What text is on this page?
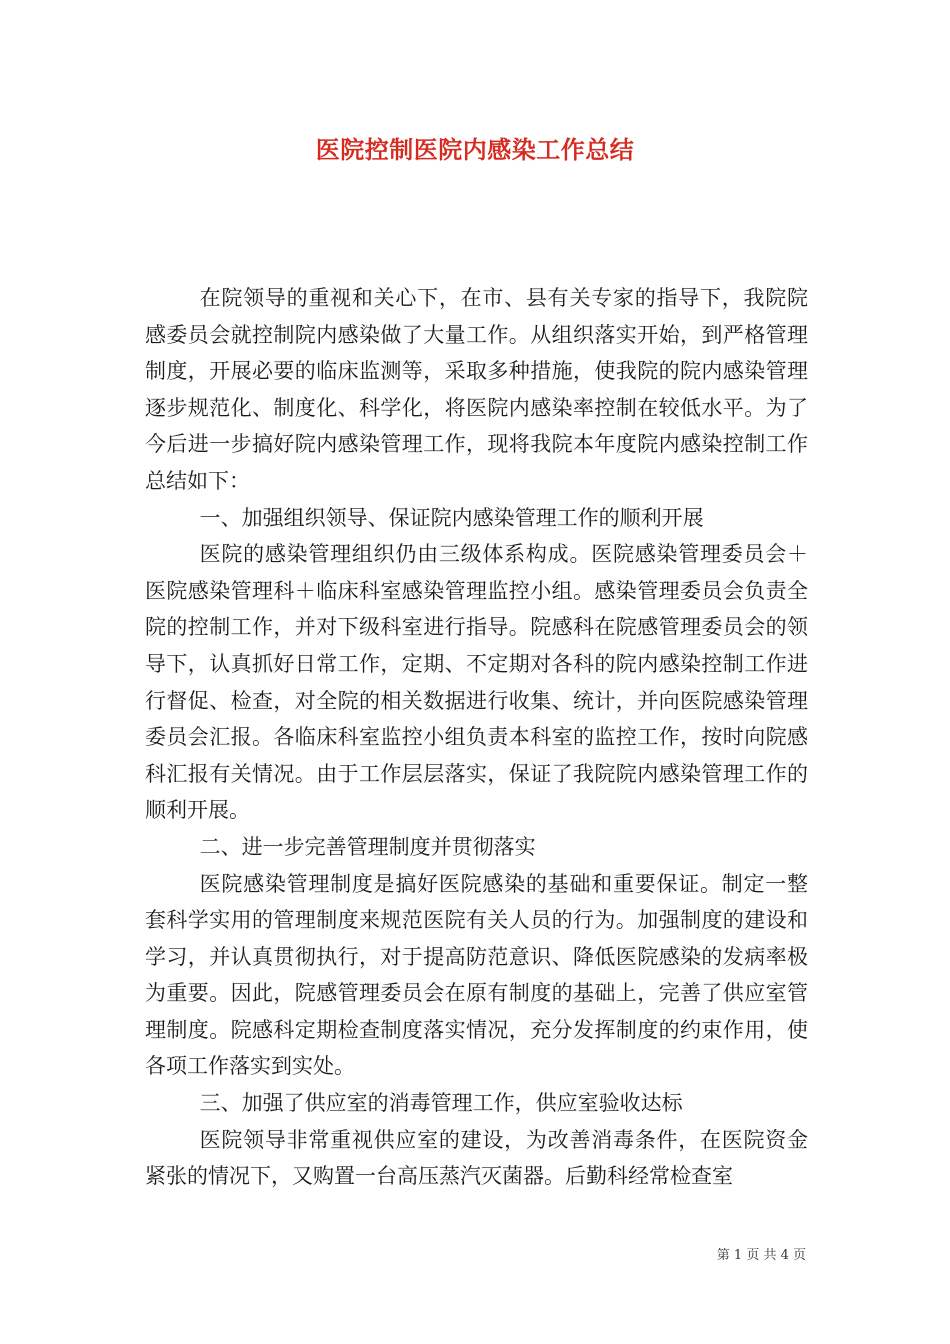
医院控制医院内感染工作总结

在院领导的重视和关心下，在市、县有关专家的指导下，我院院感委员会就控制院内感染做了大量工作。从组织落实开始，到严格管理制度，开展必要的临床监测等，采取多种措施，使我院的院内感染管理逐步规范化、制度化、科学化，将医院内感染率控制在较低水平。为了今后进一步搞好院内感染管理工作，现将我院本年度院内感染控制工作总结如下：

一、加强组织领导、保证院内感染管理工作的顺利开展

医院的感染管理组织仍由三级体系构成。医院感染管理委员会＋医院感染管理科＋临床科室感染管理监控小组。感染管理委员会负责全院的控制工作，并对下级科室进行指导。院感科在院感管理委员会的领导下，认真抓好日常工作，定期、不定期对各科的院内感染控制工作进行督促、检查，对全院的相关数据进行收集、统计，并向医院感染管理委员会汇报。各临床科室监控小组负责本科室的监控工作，按时向院感科汇报有关情况。由于工作层层落实，保证了我院院内感染管理工作的顺利开展。

二、进一步完善管理制度并贯彻落实

医院感染管理制度是搞好医院感染的基础和重要保证。制定一整套科学实用的管理制度来规范医院有关人员的行为。加强制度的建设和学习，并认真贯彻执行，对于提高防范意识、降低医院感染的发病率极为重要。因此，院感管理委员会在原有制度的基础上，完善了供应室管理制度。院感科定期检查制度落实情况，充分发挥制度的约束作用，使各项工作落实到实处。

三、加强了供应室的消毒管理工作，供应室验收达标

医院领导非常重视供应室的建设，为改善消毒条件，在医院资金紧张的情况下，又购置一台高压蒸汽灭菌器。后勤科经常检查室

第 1 页 共 4 页
